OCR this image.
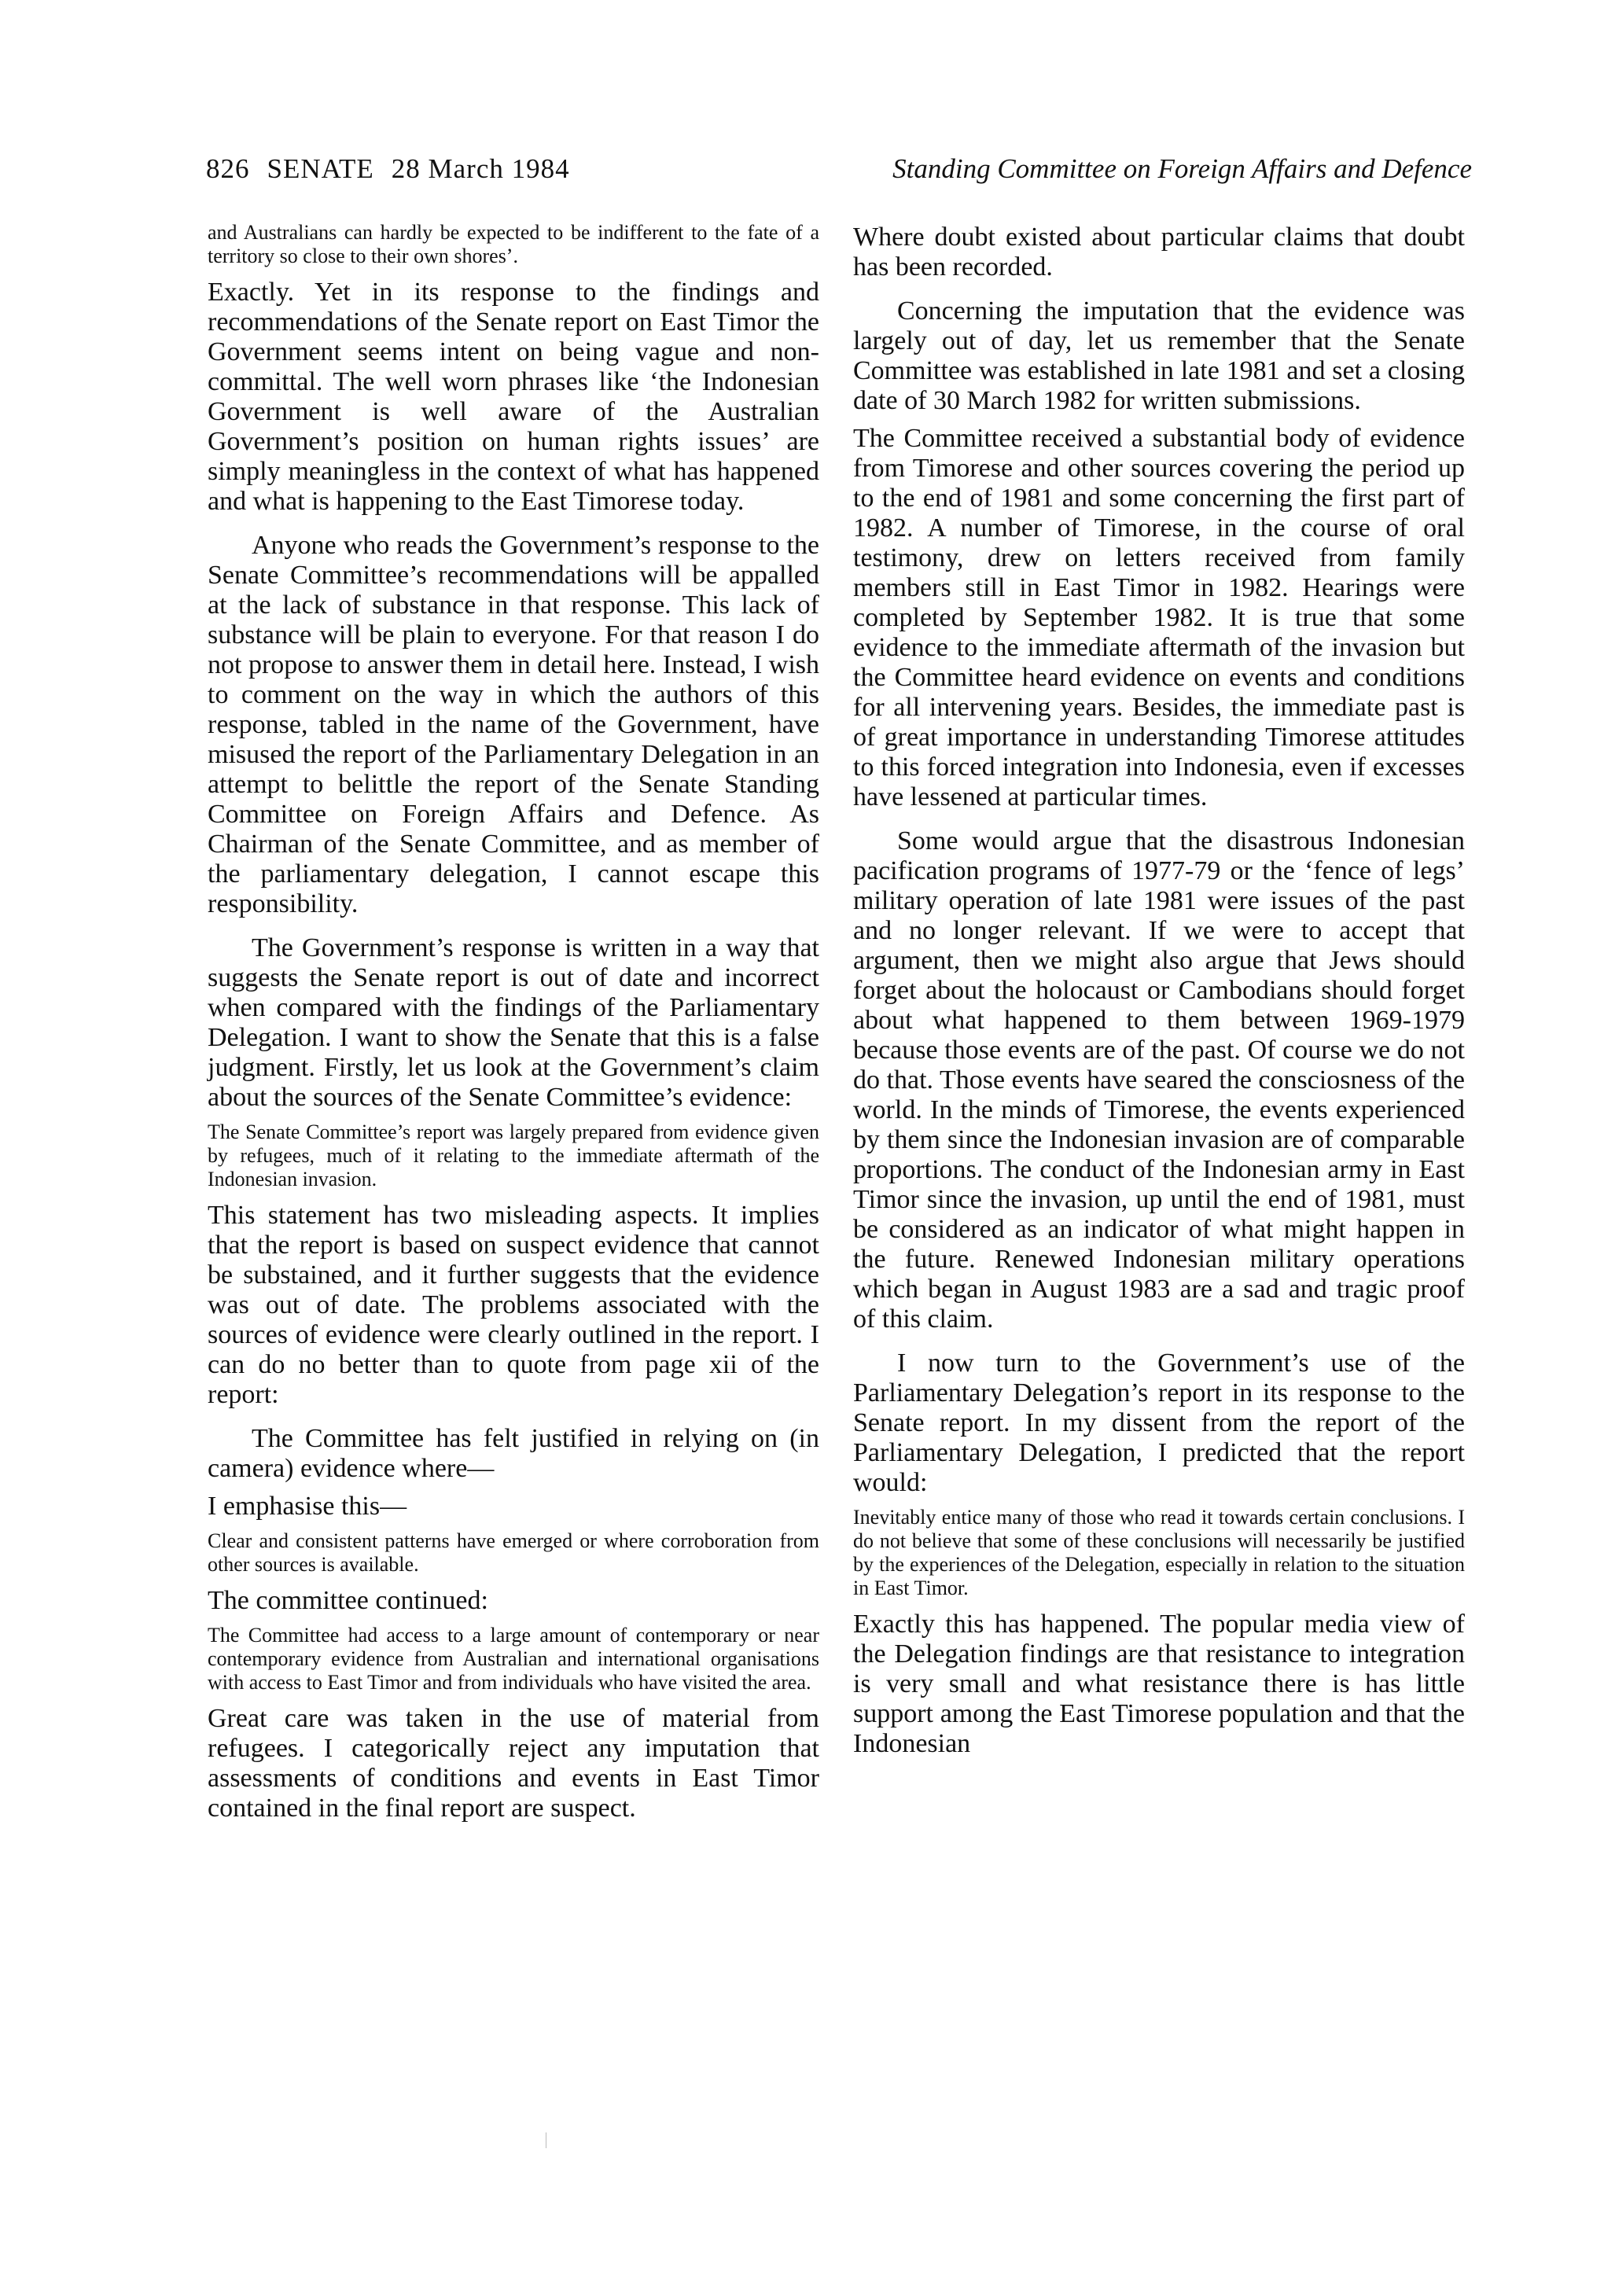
826 SENATE 28 March 1984	Standing Committee on Foreign Affairs and Defence

and Australians can hardly be expected to be indifferent to the fate of a territory so close to their own shores’.

Exactly. Yet in its response to the findings and recommendations of the Senate report on East Timor the Government seems intent on being vague and non-committal. The well worn phrases like ‘the Indonesian Government is well aware of the Australian Government’s position on human rights issues’ are simply meaningless in the context of what has happened and what is happening to the East Timorese today.

Anyone who reads the Government’s response to the Senate Committee’s recommendations will be appalled at the lack of substance in that response. This lack of substance will be plain to everyone. For that reason I do not propose to answer them in detail here. Instead, I wish to comment on the way in which the authors of this response, tabled in the name of the Government, have misused the report of the Parliamentary Delegation in an attempt to belittle the report of the Senate Standing Committee on Foreign Affairs and Defence. As Chairman of the Senate Committee, and as member of the parliamentary delegation, I cannot escape this responsibility.

The Government’s response is written in a way that suggests the Senate report is out of date and incorrect when compared with the findings of the Parliamentary Delegation. I want to show the Senate that this is a false judgment. Firstly, let us look at the Government’s claim about the sources of the Senate Committee’s evidence:

The Senate Committee’s report was largely prepared from evidence given by refugees, much of it relating to the immediate aftermath of the Indonesian invasion.

This statement has two misleading aspects. It implies that the report is based on suspect evidence that cannot be substained, and it further suggests that the evidence was out of date. The problems associated with the sources of evidence were clearly outlined in the report. I can do no better than to quote from page xii of the report:

The Committee has felt justified in relying on (in camera) evidence where—

I emphasise this—

Clear and consistent patterns have emerged or where corroboration from other sources is available.

The committee continued:

The Committee had access to a large amount of contemporary or near contemporary evidence from Australian and international organisations with access to East Timor and from individuals who have visited the area.

Great care was taken in the use of material from refugees. I categorically reject any imputation that assessments of conditions and events in East Timor contained in the final report are suspect.

Where doubt existed about particular claims that doubt has been recorded.

Concerning the imputation that the evidence was largely out of day, let us remember that the Senate Committee was established in late 1981 and set a closing date of 30 March 1982 for written submissions.

The Committee received a substantial body of evidence from Timorese and other sources covering the period up to the end of 1981 and some concerning the first part of 1982. A number of Timorese, in the course of oral testimony, drew on letters received from family members still in East Timor in 1982. Hearings were completed by September 1982. It is true that some evidence to the immediate aftermath of the invasion but the Committee heard evidence on events and conditions for all intervening years. Besides, the immediate past is of great importance in understanding Timorese attitudes to this forced integration into Indonesia, even if excesses have lessened at particular times.

Some would argue that the disastrous Indonesian pacification programs of 1977-79 or the ‘fence of legs’ military operation of late 1981 were issues of the past and no longer relevant. If we were to accept that argument, then we might also argue that Jews should forget about the holocaust or Cambodians should forget about what happened to them between 1969-1979 because those events are of the past. Of course we do not do that. Those events have seared the consciosness of the world. In the minds of Timorese, the events experienced by them since the Indonesian invasion are of comparable proportions. The conduct of the Indonesian army in East Timor since the invasion, up until the end of 1981, must be considered as an indicator of what might happen in the future. Renewed Indonesian military operations which began in August 1983 are a sad and tragic proof of this claim.

I now turn to the Government’s use of the Parliamentary Delegation’s report in its response to the Senate report. In my dissent from the report of the Parliamentary Delegation, I predicted that the report would:

Inevitably entice many of those who read it towards certain conclusions. I do not believe that some of these conclusions will necessarily be justified by the experiences of the Delegation, especially in relation to the situation in East Timor.

Exactly this has happened. The popular media view of the Delegation findings are that resistance to integration is very small and what resistance there is has little support among the East Timorese population and that the Indonesian
